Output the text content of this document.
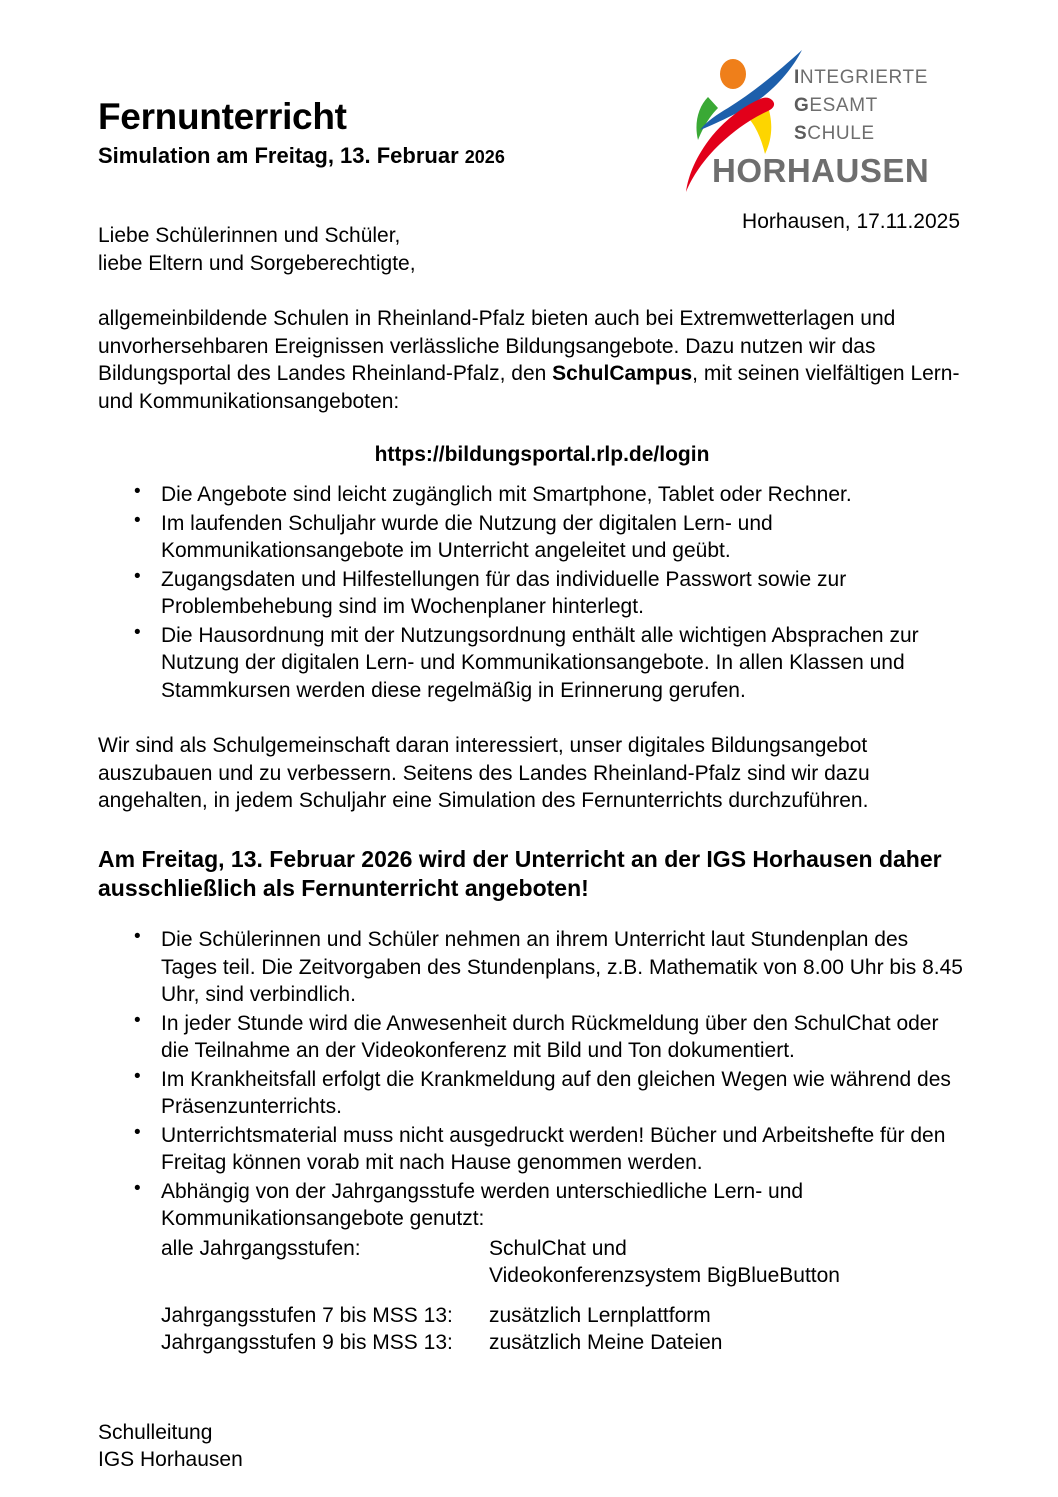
Fernunterricht
Simulation am Freitag, 13. Februar 2026
INTEGRIERTE
GESAMT
SCHULE
HORHAUSEN
Horhausen, 17.11.2025
Liebe Schülerinnen und Schüler,
liebe Eltern und Sorgeberechtigte,

allgemeinbildende Schulen in Rheinland-Pfalz bieten auch bei Extremwetterlagen und unvorhersehbaren Ereignissen verlässliche Bildungsangebote. Dazu nutzen wir das Bildungsportal des Landes Rheinland-Pfalz, den SchulCampus, mit seinen vielfältigen Lern- und Kommunikationsangeboten:

https://bildungsportal.rlp.de/login
• Die Angebote sind leicht zugänglich mit Smartphone, Tablet oder Rechner.
• Im laufenden Schuljahr wurde die Nutzung der digitalen Lern- und Kommunikationsangebote im Unterricht angeleitet und geübt.
• Zugangsdaten und Hilfestellungen für das individuelle Passwort sowie zur Problembehebung sind im Wochenplaner hinterlegt.
• Die Hausordnung mit der Nutzungsordnung enthält alle wichtigen Absprachen zur Nutzung der digitalen Lern- und Kommunikationsangebote. In allen Klassen und Stammkursen werden diese regelmäßig in Erinnerung gerufen.

Wir sind als Schulgemeinschaft daran interessiert, unser digitales Bildungsangebot auszubauen und zu verbessern. Seitens des Landes Rheinland-Pfalz sind wir dazu angehalten, in jedem Schuljahr eine Simulation des Fernunterrichts durchzuführen.

Am Freitag, 13. Februar 2026 wird der Unterricht an der IGS Horhausen daher ausschließlich als Fernunterricht angeboten!

• Die Schülerinnen und Schüler nehmen an ihrem Unterricht laut Stundenplan des Tages teil. Die Zeitvorgaben des Stundenplans, z.B. Mathematik von 8.00 Uhr bis 8.45 Uhr, sind verbindlich.
• In jeder Stunde wird die Anwesenheit durch Rückmeldung über den SchulChat oder die Teilnahme an der Videokonferenz mit Bild und Ton dokumentiert.
• Im Krankheitsfall erfolgt die Krankmeldung auf den gleichen Wegen wie während des Präsenzunterrichts.
• Unterrichtsmaterial muss nicht ausgedruckt werden! Bücher und Arbeitshefte für den Freitag können vorab mit nach Hause genommen werden.
• Abhängig von der Jahrgangsstufe werden unterschiedliche Lern- und Kommunikationsangebote genutzt:
alle Jahrgangsstufen:	SchulChat und
	Videokonferenzsystem BigBlueButton

Jahrgangsstufen 7 bis MSS 13:	zusätzlich Lernplattform
Jahrgangsstufen 9 bis MSS 13:	zusätzlich Meine Dateien
Schulleitung
IGS Horhausen
